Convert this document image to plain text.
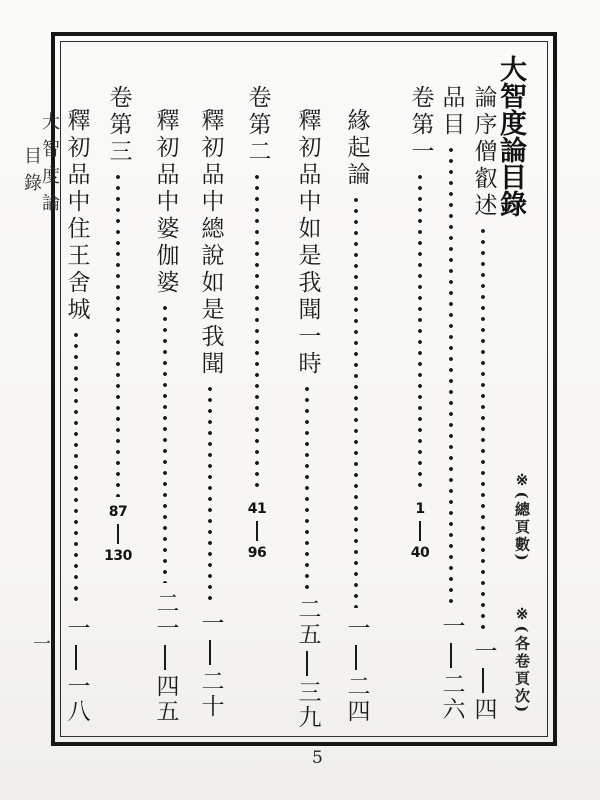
大智度論目錄
論序僧叡述
一
四
品目
一
二六
卷第一
1
40
緣起論
一
二四
釋初品中如是我聞一時
二五
三九
卷第二
41
96
釋初品中總說如是我聞
一
二十
釋初品中婆伽婆
二一
四五
卷第三
87
130
釋初品中住王舍城
一
一八
※(總頁數)
※(各卷頁次)
大智度論
目錄
一
5
